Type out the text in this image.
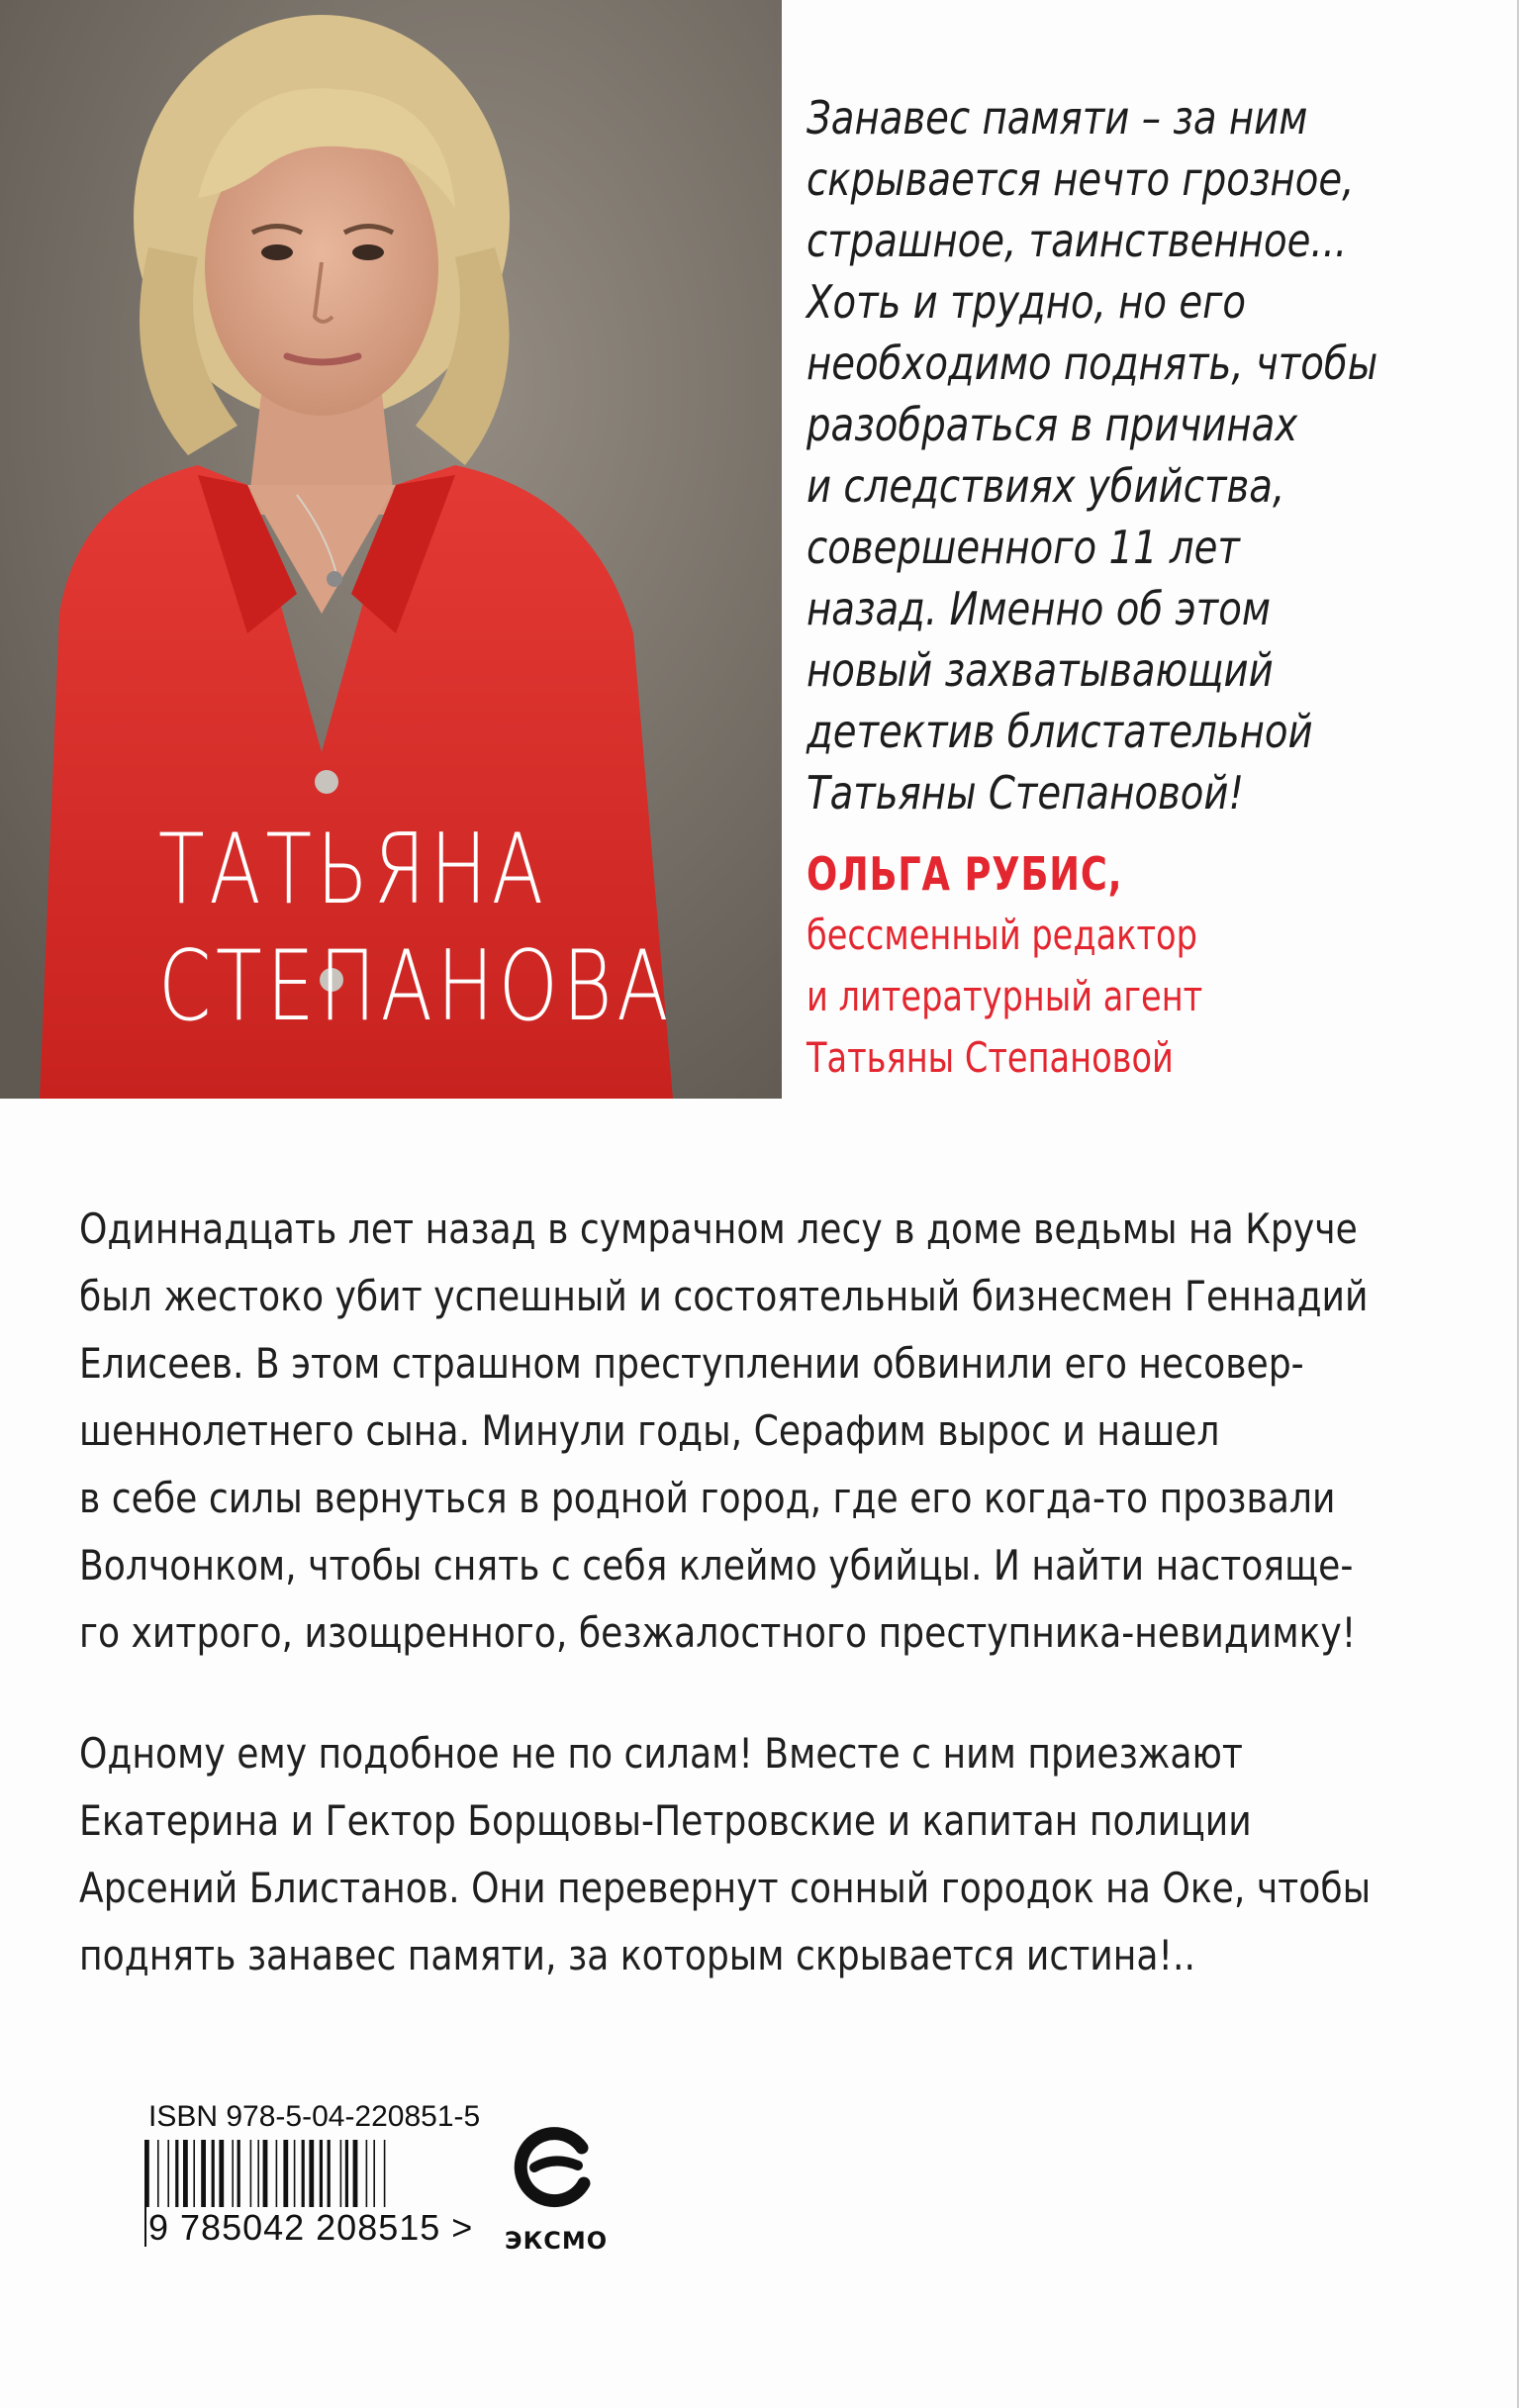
ТАТЬЯНА
СТЕПАНОВА
Занавес памяти – за ним
скрывается нечто грозное,
страшное, таинственное...
Хоть и трудно, но его
необходимо поднять, чтобы
разобраться в причинах
и следствиях убийства,
совершенного 11 лет
назад. Именно об этом
новый захватывающий
детектив блистательной
Татьяны Степановой!
ОЛЬГА РУБИС,
бессменный редактор
и литературный агент
Татьяны Степановой
Одиннадцать лет назад в сумрачном лесу в доме ведьмы на Круче
был жестоко убит успешный и состоятельный бизнесмен Геннадий
Елисеев. В этом страшном преступлении обвинили его несовер-
шеннолетнего сына. Минули годы, Серафим вырос и нашел
в себе силы вернуться в родной город, где его когда-то прозвали
Волчонком, чтобы снять с себя клеймо убийцы. И найти настояще-
го хитрого, изощренного, безжалостного преступника-невидимку!
Одному ему подобное не по силам! Вместе с ним приезжают
Екатерина и Гектор Борщовы-Петровские и капитан полиции
Арсений Блистанов. Они перевернут сонный городок на Оке, чтобы
поднять занавес памяти, за которым скрывается истина!..
ISBN 978-5-04-220851-5
9 785042 208515 > ЭКСМО
